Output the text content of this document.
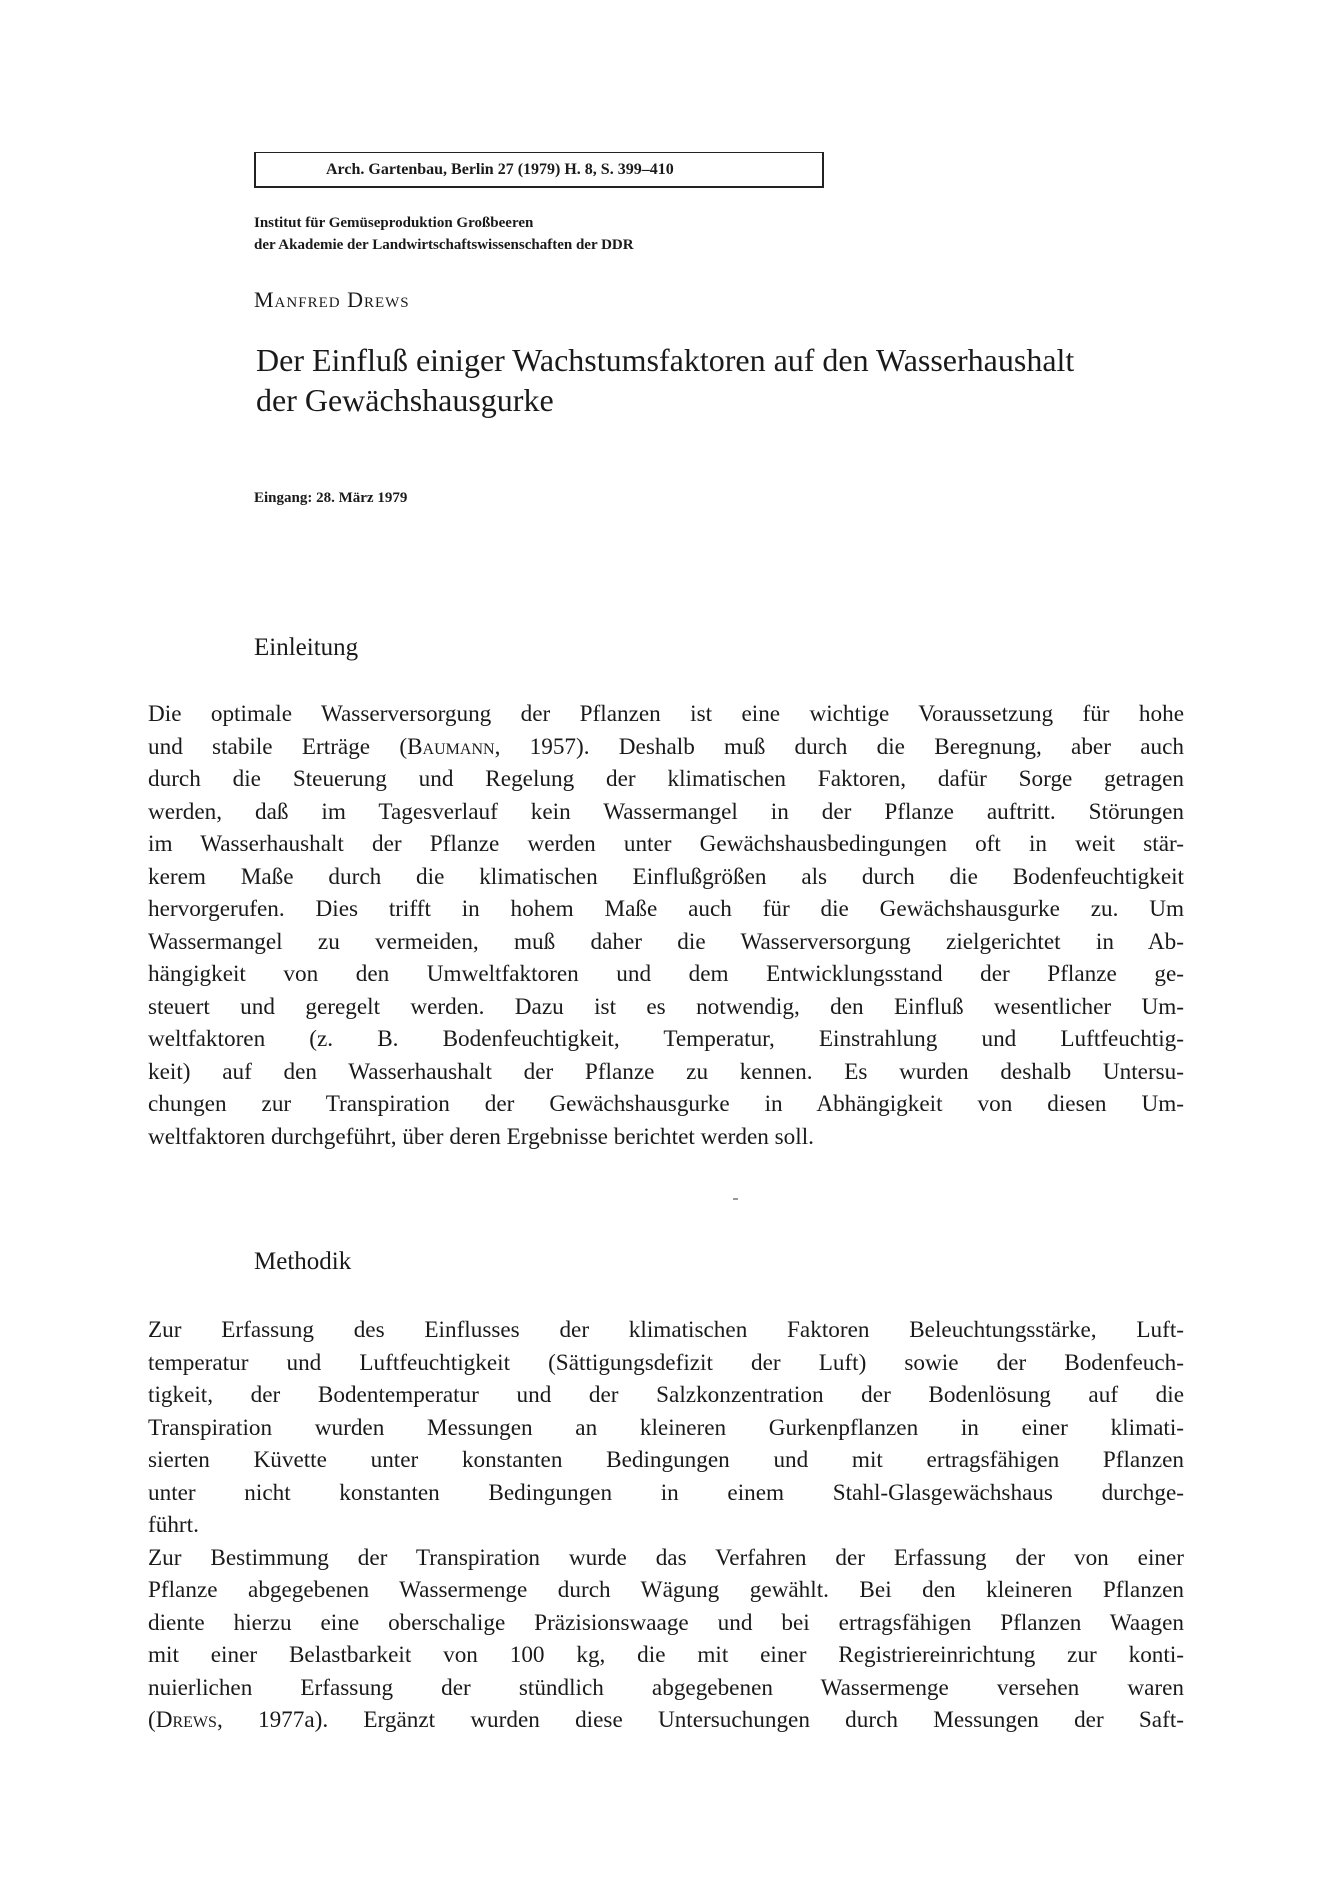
Arch. Gartenbau, Berlin 27 (1979) H. 8, S. 399–410
Institut für Gemüseproduktion Großbeeren
der Akademie der Landwirtschaftswissenschaften der DDR
Manfred Drews
Der Einfluß einiger Wachstumsfaktoren auf den Wasserhaushalt
der Gewächshausgurke
Eingang: 28. März 1979
Einleitung
Die optimale Wasserversorgung der Pflanzen ist eine wichtige Voraussetzung für hohe
und stabile Erträge (Baumann, 1957). Deshalb muß durch die Beregnung, aber auch
durch die Steuerung und Regelung der klimatischen Faktoren, dafür Sorge getragen
werden, daß im Tagesverlauf kein Wassermangel in der Pflanze auftritt. Störungen
im Wasserhaushalt der Pflanze werden unter Gewächshausbedingungen oft in weit stär-
kerem Maße durch die klimatischen Einflußgrößen als durch die Bodenfeuchtigkeit
hervorgerufen. Dies trifft in hohem Maße auch für die Gewächshausgurke zu. Um
Wassermangel zu vermeiden, muß daher die Wasserversorgung zielgerichtet in Ab-
hängigkeit von den Umweltfaktoren und dem Entwicklungsstand der Pflanze ge-
steuert und geregelt werden. Dazu ist es notwendig, den Einfluß wesentlicher Um-
weltfaktoren (z. B. Bodenfeuchtigkeit, Temperatur, Einstrahlung und Luftfeuchtig-
keit) auf den Wasserhaushalt der Pflanze zu kennen. Es wurden deshalb Untersu-
chungen zur Transpiration der Gewächshausgurke in Abhängigkeit von diesen Um-
weltfaktoren durchgeführt, über deren Ergebnisse berichtet werden soll.
Methodik
Zur Erfassung des Einflusses der klimatischen Faktoren Beleuchtungsstärke, Luft-
temperatur und Luftfeuchtigkeit (Sättigungsdefizit der Luft) sowie der Bodenfeuch-
tigkeit, der Bodentemperatur und der Salzkonzentration der Bodenlösung auf die
Transpiration wurden Messungen an kleineren Gurkenpflanzen in einer klimati-
sierten Küvette unter konstanten Bedingungen und mit ertragsfähigen Pflanzen
unter nicht konstanten Bedingungen in einem Stahl-Glasgewächshaus durchge-
führt.
Zur Bestimmung der Transpiration wurde das Verfahren der Erfassung der von einer
Pflanze abgegebenen Wassermenge durch Wägung gewählt. Bei den kleineren Pflanzen
diente hierzu eine oberschalige Präzisionswaage und bei ertragsfähigen Pflanzen Waagen
mit einer Belastbarkeit von 100 kg, die mit einer Registriereinrichtung zur konti-
nuierlichen Erfassung der stündlich abgegebenen Wassermenge versehen waren
(Drews, 1977a). Ergänzt wurden diese Untersuchungen durch Messungen der Saft-
